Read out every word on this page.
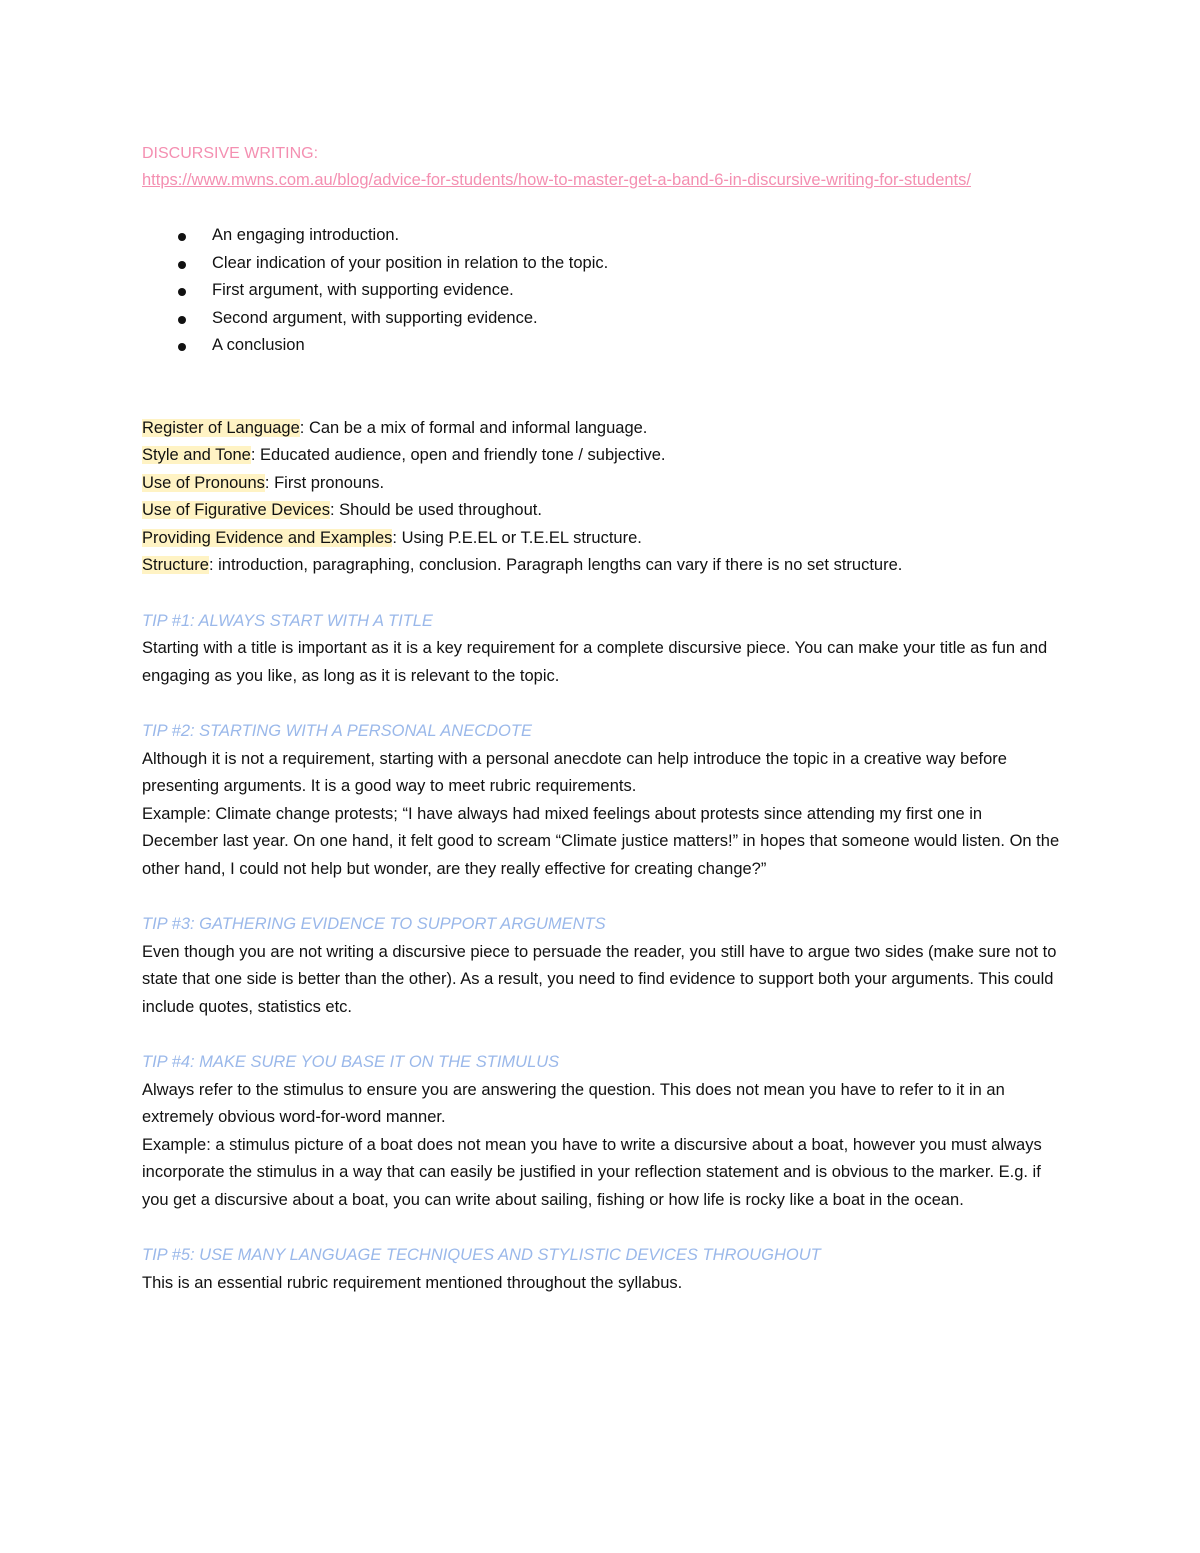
DISCURSIVE WRITING:
https://www.mwns.com.au/blog/advice-for-students/how-to-master-get-a-band-6-in-discursive-writing-for-students/
An engaging introduction.
Clear indication of your position in relation to the topic.
First argument, with supporting evidence.
Second argument, with supporting evidence.
A conclusion
Register of Language: Can be a mix of formal and informal language.
Style and Tone: Educated audience, open and friendly tone / subjective.
Use of Pronouns: First pronouns.
Use of Figurative Devices: Should be used throughout.
Providing Evidence and Examples: Using P.E.EL or T.E.EL structure.
Structure: introduction, paragraphing, conclusion. Paragraph lengths can vary if there is no set structure.
TIP #1: ALWAYS START WITH A TITLE
Starting with a title is important as it is a key requirement for a complete discursive piece. You can make your title as fun and engaging as you like, as long as it is relevant to the topic.
TIP #2: STARTING WITH A PERSONAL ANECDOTE
Although it is not a requirement, starting with a personal anecdote can help introduce the topic in a creative way before presenting arguments. It is a good way to meet rubric requirements.
Example: Climate change protests; “I have always had mixed feelings about protests since attending my first one in December last year. On one hand, it felt good to scream “Climate justice matters!” in hopes that someone would listen. On the other hand, I could not help but wonder, are they really effective for creating change?”
TIP #3: GATHERING EVIDENCE TO SUPPORT ARGUMENTS
Even though you are not writing a discursive piece to persuade the reader, you still have to argue two sides (make sure not to state that one side is better than the other). As a result, you need to find evidence to support both your arguments. This could include quotes, statistics etc.
TIP #4: MAKE SURE YOU BASE IT ON THE STIMULUS
Always refer to the stimulus to ensure you are answering the question. This does not mean you have to refer to it in an extremely obvious word-for-word manner.
Example: a stimulus picture of a boat does not mean you have to write a discursive about a boat, however you must always incorporate the stimulus in a way that can easily be justified in your reflection statement and is obvious to the marker. E.g. if you get a discursive about a boat, you can write about sailing, fishing or how life is rocky like a boat in the ocean.
TIP #5: USE MANY LANGUAGE TECHNIQUES AND STYLISTIC DEVICES THROUGHOUT
This is an essential rubric requirement mentioned throughout the syllabus.
